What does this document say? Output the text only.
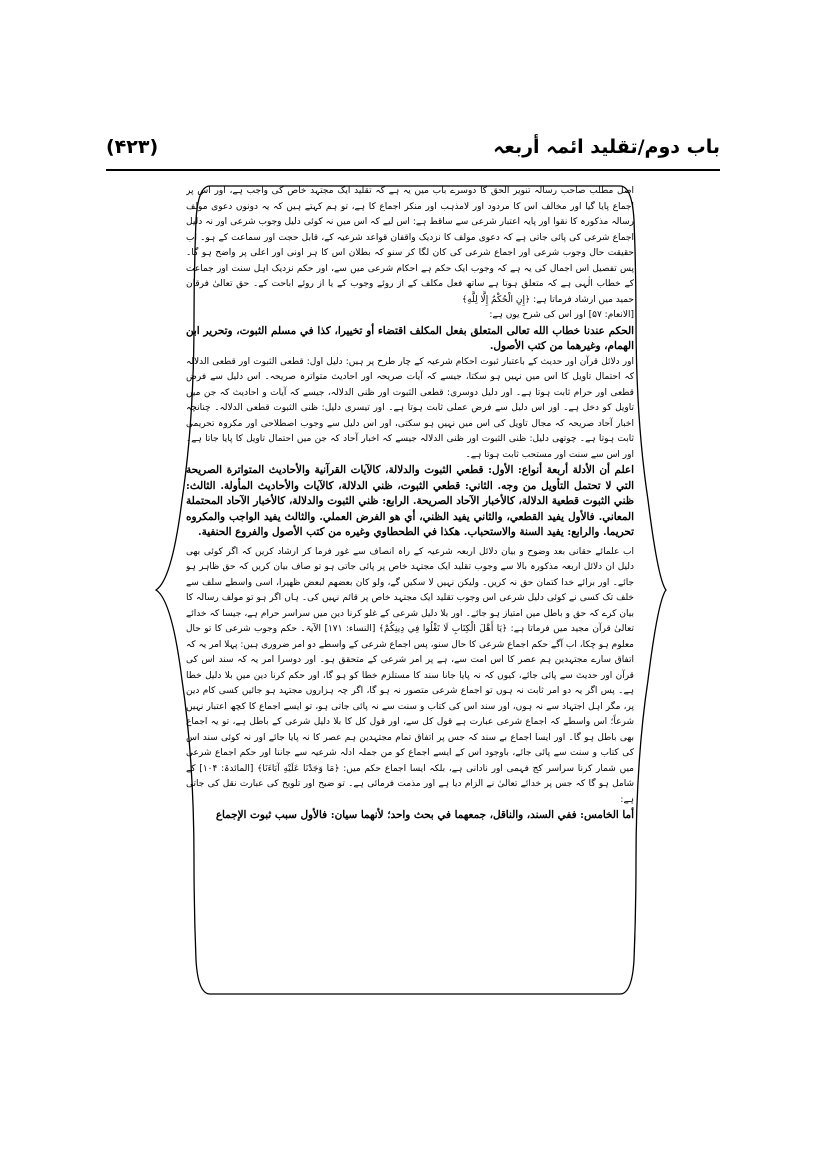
باب دوم/تقلید ائمہ أربعہ
(۴۲۳)

اصل مطلب صاحب رسالہ تنویر الحق کا دوسرے باب میں یہ ہے کہ تقلید ایک مجتہد خاص کی واجب ہے، اور اس پر اجماع پایا گیا اور مخالف اس کا مردود اور لامذہب اور منکر اجماع کا ہے، تو ہم کہتے ہیں کہ یہ دونوں دعوی مولف رسالہ مذکورہ کا نقوا اور پایہ اعتبار شرعی سے ساقط ہے: اس لیے کہ اس میں نہ کوئی دلیل وجوب شرعی اور نہ دلیل اجماع شرعی کی پائی جاتی ہے کہ دعوی مولف کا نزدیک واقفان قواعد شرعیہ کے، قابل حجت اور سماعت کے ہو۔ اب حقیقت حال وجوب شرعی اور اجماع شرعی کی کان لگا کر سنو کہ بطلان اس کا ہر اونی اور اعلی پر واضح ہو گا۔ پس تفصیل اس اجمال کی یہ ہے کہ وجوب ایک حکم ہے احکام شرعی میں سے، اور حکم نزدیک اہل سنت اور جماعت کے خطاب الٰہی ہے کہ متعلق ہوتا ہے ساتھ فعل مکلف کے از روئے وجوب کے یا از روئے اباحت کے۔ حق تعالیٰ فرقان حمید میں ارشاد فرماتا ہے: ﴿إِنِ الْحُكْمُ إِلَّا لِلَّهِ﴾

[الانعام: ۵۷] اور اس کی شرح یوں ہے:

الحكم عندنا خطاب الله تعالى المتعلق بفعل المكلف اقتضاء أو تخييرا، كذا في مسلم الثبوت، وتحرير ابن الهمام، وغيرهما من كتب الأصول.

اور دلائل قرآن اور حدیث کے باعتبار ثبوت احکام شرعیہ کے چار طرح پر ہیں: دلیل اول: قطعی الثبوت اور قطعی الدلالہ کہ احتمال تاویل کا اس میں نہیں ہو سکتا، جیسے کہ آیات صریحہ اور احادیث متواترہ صریحہ۔ اس دلیل سے فرض قطعی اور حرام ثابت ہوتا ہے۔ اور دلیل دوسری: قطعی الثبوت اور ظنی الدلالہ، جیسے کہ آیات و احادیث کہ جن میں تاویل کو دخل ہے۔ اور اس دلیل سے فرض عملی ثابت ہوتا ہے۔ اور تیسری دلیل: ظنی الثبوت قطعی الدلالہ۔ چنانچہ اخبار آحاد صریحہ کہ مجال تاویل کی اس میں نہیں ہو سکتی، اور اس دلیل سے وجوب اصطلاحی اور مکروہ تحریمی ثابت ہوتا ہے۔ چوتھی دلیل: ظنی الثبوت اور ظنی الدلالہ جیسے کہ اخبار آحاد کہ جن میں احتمال تاویل کا پایا جاتا ہے۔ اور اس سے سنت اور مستحب ثابت ہوتا ہے۔

اعلم أن الأدلة أربعة أنواع: الأول: قطعي الثبوت والدلالة، كالآيات القرآنية والأحاديث المتواترة الصريحة التي لا تحتمل التأويل من وجه. الثاني: قطعي الثبوت، ظني الدلالة، كالآيات والأحاديث المأولة. الثالث: ظني الثبوت قطعية الدلالة، كالأخبار الآحاد الصريحة. الرابع: ظني الثبوت والدلالة، كالأخبار الآحاد المحتملة المعاني. فالأول يفيد القطعي، والثاني يفيد الظني، أي هو الفرض العملي. والثالث يفيد الواجب والمكروه تحريما. والرابع: يفيد السنة والاستحباب. هكذا في الطحطاوي وغيره من كتب الأصول والفروع الحنفية.

اب علمائے حقانی بعد وضوح و بیان دلائل اربعہ شرعیہ کے راہ انصاف سے غور فرما کر ارشاد کریں کہ اگر کوئی بھی دلیل ان دلائل اربعہ مذکورہ بالا سے وجوب تقلید ایک مجتہد خاص پر پائی جاتی ہو تو صاف بیان کریں کہ حق ظاہر ہو جائے۔ اور برائے خدا کتمان حق نہ کریں۔ ولیکن نہیں لا سکیں گے، ولو کان بعضهم لبعض ظهيرا، اسی واسطے سلف سے خلف تک کسی نے کوئی دلیل شرعی اس وجوب تقلید ایک مجتہد خاص پر قائم نہیں کی۔ ہاں اگر ہو تو مولف رسالہ کا بیان کرے کہ حق و باطل میں امتیاز ہو جائے۔ اور بلا دلیل شرعی کے غلو کرنا دین میں سراسر حرام ہے، جیسا کہ خدائے تعالیٰ قرآن مجید میں فرماتا ہے: ﴿يَا أَهْلَ الْكِتَابِ لَا تَغْلُوا فِي دِينِكُمْ﴾ [النساء: ۱۷۱] الآیۃ۔ حکم وجوب شرعی کا تو حال معلوم ہو چکا، اب آگے حکم اجماع شرعی کا حال سنو، پس اجماع شرعی کے واسطے دو امر ضروری ہیں: پہلا امر یہ کہ اتفاق سارے مجتہدین ہم عصر کا اس امت سے، ہے پر امر شرعی کے متحقق ہو۔ اور دوسرا امر یہ کہ سند اس کی قرآن اور حدیث سے پائی جائے، کیوں کہ نہ پایا جانا سند کا مستلزم خطا کو ہو گا، اور حکم کرنا دین میں بلا دلیل خطا ہے۔ پس اگر یہ دو امر ثابت نہ ہوں تو اجماع شرعی متصور نہ ہو گا، اگر چہ ہزاروں مجتہد ہو جائیں کسی کام دین پر، مگر اہل اجتہاد سے نہ ہوں، اور سند اس کی کتاب و سنت سے نہ پائی جاتی ہو، تو ایسے اجماع کا کچھ اعتبار نہیں شرعاً؛ اس واسطے کہ اجماع شرعی عبارت ہے قول کل سے، اور قول کل کا بلا دلیل شرعی کے باطل ہے، تو یہ اجماع بھی باطل ہو گا۔ اور ایسا اجماع بے سند کہ جس پر اتفاق تمام مجتہدین ہم عصر کا نہ پایا جائے اور نہ کوئی سند اس کی کتاب و سنت سے پائی جائے، باوجود اس کے ایسے اجماع کو من جملہ ادلہ شرعیہ سے جاننا اور حکم اجماع شرعی میں شمار کرنا سراسر کج فہمی اور نادانی ہے، بلکہ ایسا اجماع حکم میں: ﴿مَا وَجَدْنَا عَلَيْهِ آبَاءَنَا﴾ [المائدۃ: ۱۰۴] کے شامل ہو گا کہ جس پر خدائے تعالیٰ نے الزام دیا ہے اور مذمت فرمائی ہے۔ تو ضیح اور تلویح کی عبارت نقل کی جاتی ہے:

أما الخامس: ففي السند، والناقل، جمعهما في بحث واحد؛ لأنهما سيان: فالأول سبب ثبوت الإجماع
